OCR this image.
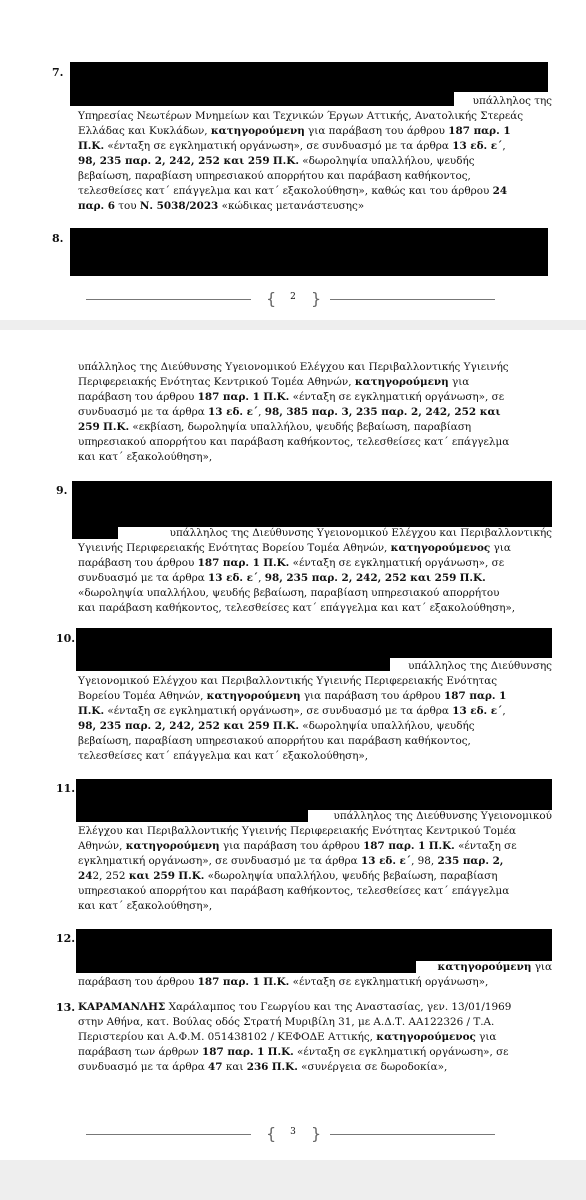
7.

υπάλληλος της

Υπηρεσίας Νεωτέρων Μνημείων και Τεχνικών Έργων Αττικής, Ανατολικής Στερεάς

Ελλάδας και Κυκλάδων, κατηγορούμενη για παράβαση του άρθρου 187 παρ. 1

Π.Κ. «ένταξη σε εγκληματική οργάνωση», σε συνδυασμό με τα άρθρα 13 εδ. ε΄,

98, 235 παρ. 2, 242, 252 και 259 Π.Κ. «δωροληψία υπαλλήλου, ψευδής

βεβαίωση, παραβίαση υπηρεσιακού απορρήτου και παράβαση καθήκοντος,

τελεσθείσες κατ΄ επάγγελμα και κατ΄ εξακολούθηση», καθώς και του άρθρου 24

παρ. 6 του Ν. 5038/2023 «κώδικας μετανάστευσης»

8.
{	2 }

υπάλληλος της Διεύθυνσης Υγειονομικού Ελέγχου και Περιβαλλοντικής Υγιεινής

Περιφερειακής Ενότητας Κεντρικού Τομέα Αθηνών, κατηγορούμενη για

παράβαση του άρθρου 187 παρ. 1 Π.Κ. «ένταξη σε εγκληματική οργάνωση», σε

συνδυασμό με τα άρθρα 13 εδ. ε΄, 98, 385 παρ. 3, 235 παρ. 2, 242, 252 και

259 Π.Κ. «εκβίαση, δωροληψία υπαλλήλου, ψευδής βεβαίωση, παραβίαση

υπηρεσιακού απορρήτου και παράβαση καθήκοντος, τελεσθείσες κατ΄ επάγγελμα

και κατ΄ εξακολούθηση»,

9.

υπάλληλος της Διεύθυνσης Υγειονομικού Ελέγχου και Περιβαλλοντικής

Υγιεινής Περιφερειακής Ενότητας Βορείου Τομέα Αθηνών, κατηγορούμενος για

παράβαση του άρθρου 187 παρ. 1 Π.Κ. «ένταξη σε εγκληματική οργάνωση», σε

συνδυασμό με τα άρθρα 13 εδ. ε΄, 98, 235 παρ. 2, 242, 252 και 259 Π.Κ.

«δωροληψία υπαλλήλου, ψευδής βεβαίωση, παραβίαση υπηρεσιακού απορρήτου

και παράβαση καθήκοντος, τελεσθείσες κατ΄ επάγγελμα και κατ΄ εξακολούθηση»,

10.

υπάλληλος της Διεύθυνσης

Υγειονομικού Ελέγχου και Περιβαλλοντικής Υγιεινής Περιφερειακής Ενότητας

Βορείου Τομέα Αθηνών, κατηγορούμενη για παράβαση του άρθρου 187 παρ. 1

Π.Κ. «ένταξη σε εγκληματική οργάνωση», σε συνδυασμό με τα άρθρα 13 εδ. ε΄,

98, 235 παρ. 2, 242, 252 και 259 Π.Κ. «δωροληψία υπαλλήλου, ψευδής

βεβαίωση, παραβίαση υπηρεσιακού απορρήτου και παράβαση καθήκοντος,

τελεσθείσες κατ΄ επάγγελμα και κατ΄ εξακολούθηση»,

11.

υπάλληλος της Διεύθυνσης Υγειονομικού

Ελέγχου και Περιβαλλοντικής Υγιεινής Περιφερειακής Ενότητας Κεντρικού Τομέα

Αθηνών, κατηγορούμενη για παράβαση του άρθρου 187 παρ. 1 Π.Κ. «ένταξη σε

εγκληματική οργάνωση», σε συνδυασμό με τα άρθρα 13 εδ. ε΄, 98, 235 παρ. 2,

242, 252 και 259 Π.Κ. «δωροληψία υπαλλήλου, ψευδής βεβαίωση, παραβίαση

υπηρεσιακού απορρήτου και παράβαση καθήκοντος, τελεσθείσες κατ΄ επάγγελμα

και κατ΄ εξακολούθηση»,

12.

κατηγορούμενη για

παράβαση του άρθρου 187 παρ. 1 Π.Κ. «ένταξη σε εγκληματική οργάνωση»,

13. ΚΑΡΑΜΑΝΛΗΣ Χαράλαμπος του Γεωργίου και της Αναστασίας, γεν. 13/01/1969

στην Αθήνα, κατ. Βούλας οδός Στρατή Μυριβίλη 31, με Α.Δ.Τ. ΑΑ122326 / Τ.Α.

Περιστερίου και Α.Φ.Μ. 051438102 / ΚΕΦΟΔΕ Αττικής, κατηγορούμενος για

παράβαση των άρθρων 187 παρ. 1 Π.Κ. «ένταξη σε εγκληματική οργάνωση», σε

συνδυασμό με τα άρθρα 47 και 236 Π.Κ. «συνέργεια σε δωροδοκία»,

{	3 }
